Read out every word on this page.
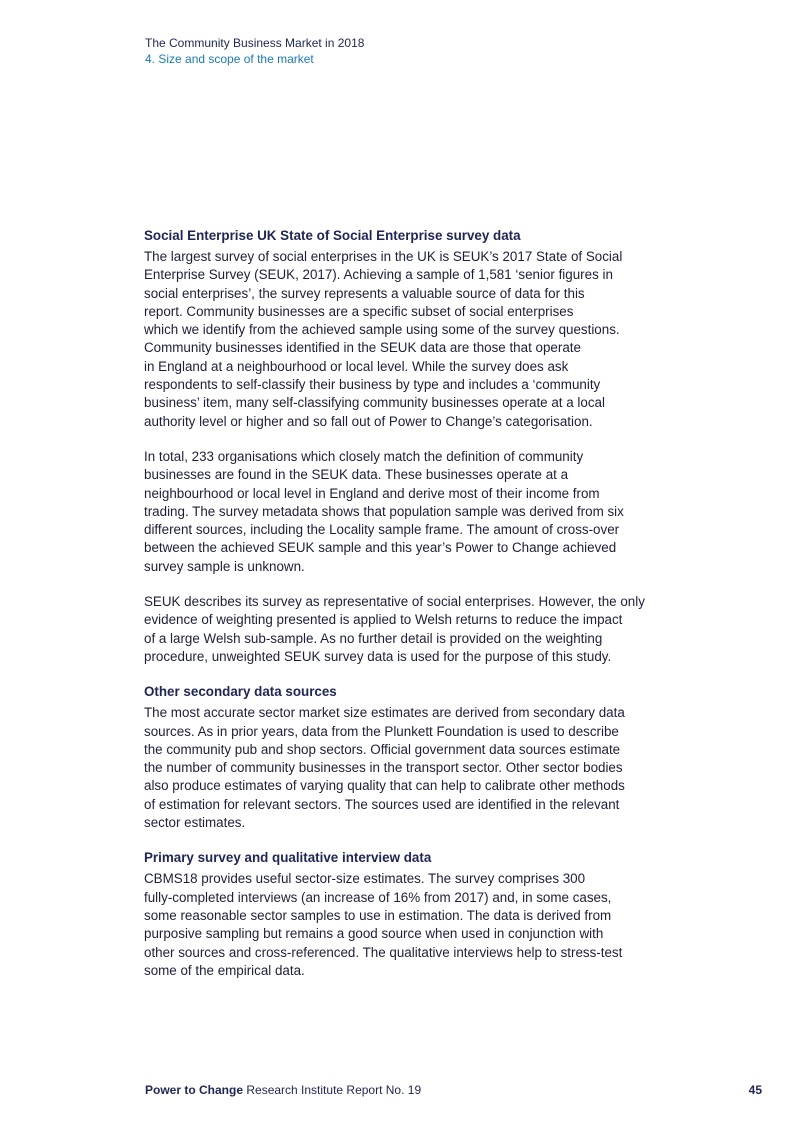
The Community Business Market in 2018
4. Size and scope of the market
Social Enterprise UK State of Social Enterprise survey data

The largest survey of social enterprises in the UK is SEUK’s 2017 State of Social
Enterprise Survey (SEUK, 2017). Achieving a sample of 1,581 ‘senior figures in
social enterprises’, the survey represents a valuable source of data for this
report. Community businesses are a specific subset of social enterprises
which we identify from the achieved sample using some of the survey questions.
Community businesses identified in the SEUK data are those that operate
in England at a neighbourhood or local level. While the survey does ask
respondents to self-classify their business by type and includes a ‘community
business’ item, many self-classifying community businesses operate at a local
authority level or higher and so fall out of Power to Change’s categorisation.

In total, 233 organisations which closely match the definition of community
businesses are found in the SEUK data. These businesses operate at a
neighbourhood or local level in England and derive most of their income from
trading. The survey metadata shows that population sample was derived from six
different sources, including the Locality sample frame. The amount of cross-over
between the achieved SEUK sample and this year’s Power to Change achieved
survey sample is unknown.

SEUK describes its survey as representative of social enterprises. However, the only
evidence of weighting presented is applied to Welsh returns to reduce the impact
of a large Welsh sub-sample. As no further detail is provided on the weighting
procedure, unweighted SEUK survey data is used for the purpose of this study.

Other secondary data sources

The most accurate sector market size estimates are derived from secondary data
sources. As in prior years, data from the Plunkett Foundation is used to describe
the community pub and shop sectors. Official government data sources estimate
the number of community businesses in the transport sector. Other sector bodies
also produce estimates of varying quality that can help to calibrate other methods
of estimation for relevant sectors. The sources used are identified in the relevant
sector estimates.

Primary survey and qualitative interview data

CBMS18 provides useful sector-size estimates. The survey comprises 300
fully-completed interviews (an increase of 16% from 2017) and, in some cases,
some reasonable sector samples to use in estimation. The data is derived from
purposive sampling but remains a good source when used in conjunction with
other sources and cross-referenced. The qualitative interviews help to stress-test
some of the empirical data.

Power to Change Research Institute Report No. 19	45
